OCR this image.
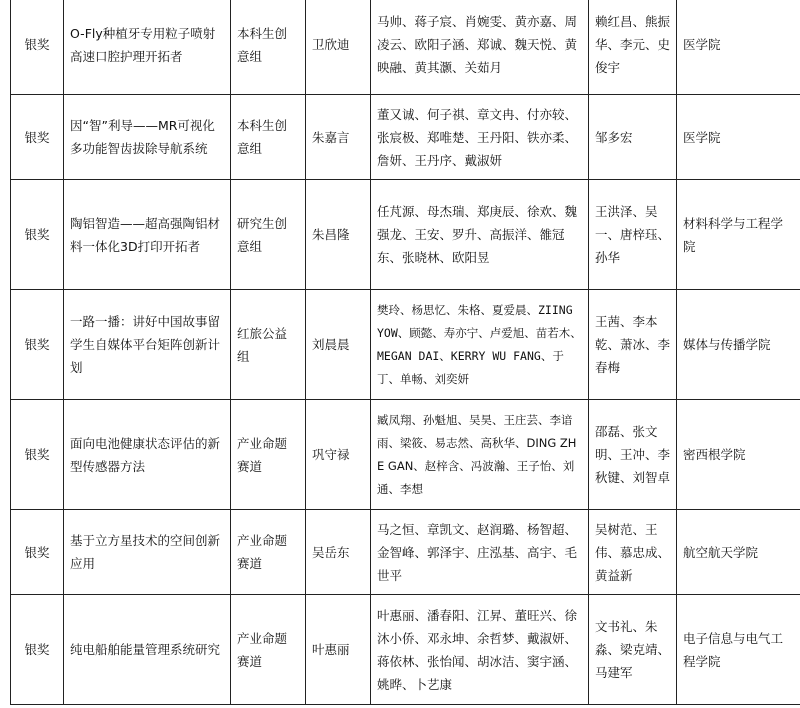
银奖	O-Fly种植牙专用粒子喷射高速口腔护理开拓者	本科生创意组	卫欣迪	马帅、蒋子宸、肖婉雯、黄亦嘉、周凌云、欧阳子涵、郑诚、魏天悦、黄映融、黄其灏、关茹月	赖红昌、熊振华、李元、史俊宇	医学院
银奖	因“智”利导——MR可视化多功能智齿拔除导航系统	本科生创意组	朱嘉言	董又诚、何子祺、章文冉、付亦较、张宸极、郑唯楚、王丹阳、铁亦柔、詹妍、王丹序、戴淑妍	邹多宏	医学院
银奖	陶铝智造——超高强陶铝材料一体化3D打印开拓者	研究生创意组	朱昌隆	任芃源、母杰瑞、郑庚辰、徐欢、魏强龙、王安、罗升、高振洋、雒冠东、张晓林、欧阳昱	王洪泽、吴一、唐梓珏、孙华	材料科学与工程学院
银奖	一路一播：讲好中国故事留学生自媒体平台矩阵创新计划	红旅公益组	刘晨晨	樊玲、杨思忆、朱格、夏爱晨、ZIING YOW、顾懿、寿亦宁、卢爱旭、苗若木、MEGAN DAI、KERRY WU FANG、于丁、单畅、刘奕妍	王茜、李本乾、萧冰、李春梅	媒体与传播学院
银奖	面向电池健康状态评估的新型传感器方法	产业命题赛道	巩守禄	臧凤翔、孙魁旭、吴昊、王庄芸、李谙雨、梁筱、易志然、高秋华、DING ZHE GAN、赵梓含、冯波瀚、王子怡、刘通、李想	邵磊、张文明、王冲、李秋键、刘智卓	密西根学院
银奖	基于立方星技术的空间创新应用	产业命题赛道	吴岳东	马之恒、章凯文、赵润璐、杨智超、金智峰、郭泽宇、庄泓基、高宇、毛世平	吴树范、王伟、慕忠成、黄益新	航空航天学院
银奖	纯电船舶能量管理系统研究	产业命题赛道	叶惠丽	叶惠丽、潘春阳、江昇、董旺兴、徐沐小侨、邓永坤、余哲梦、戴淑妍、蒋依林、张怡闻、胡冰洁、窦宇涵、姚晔、卜艺康	文书礼、朱淼、梁克靖、马建军	电子信息与电气工程学院
